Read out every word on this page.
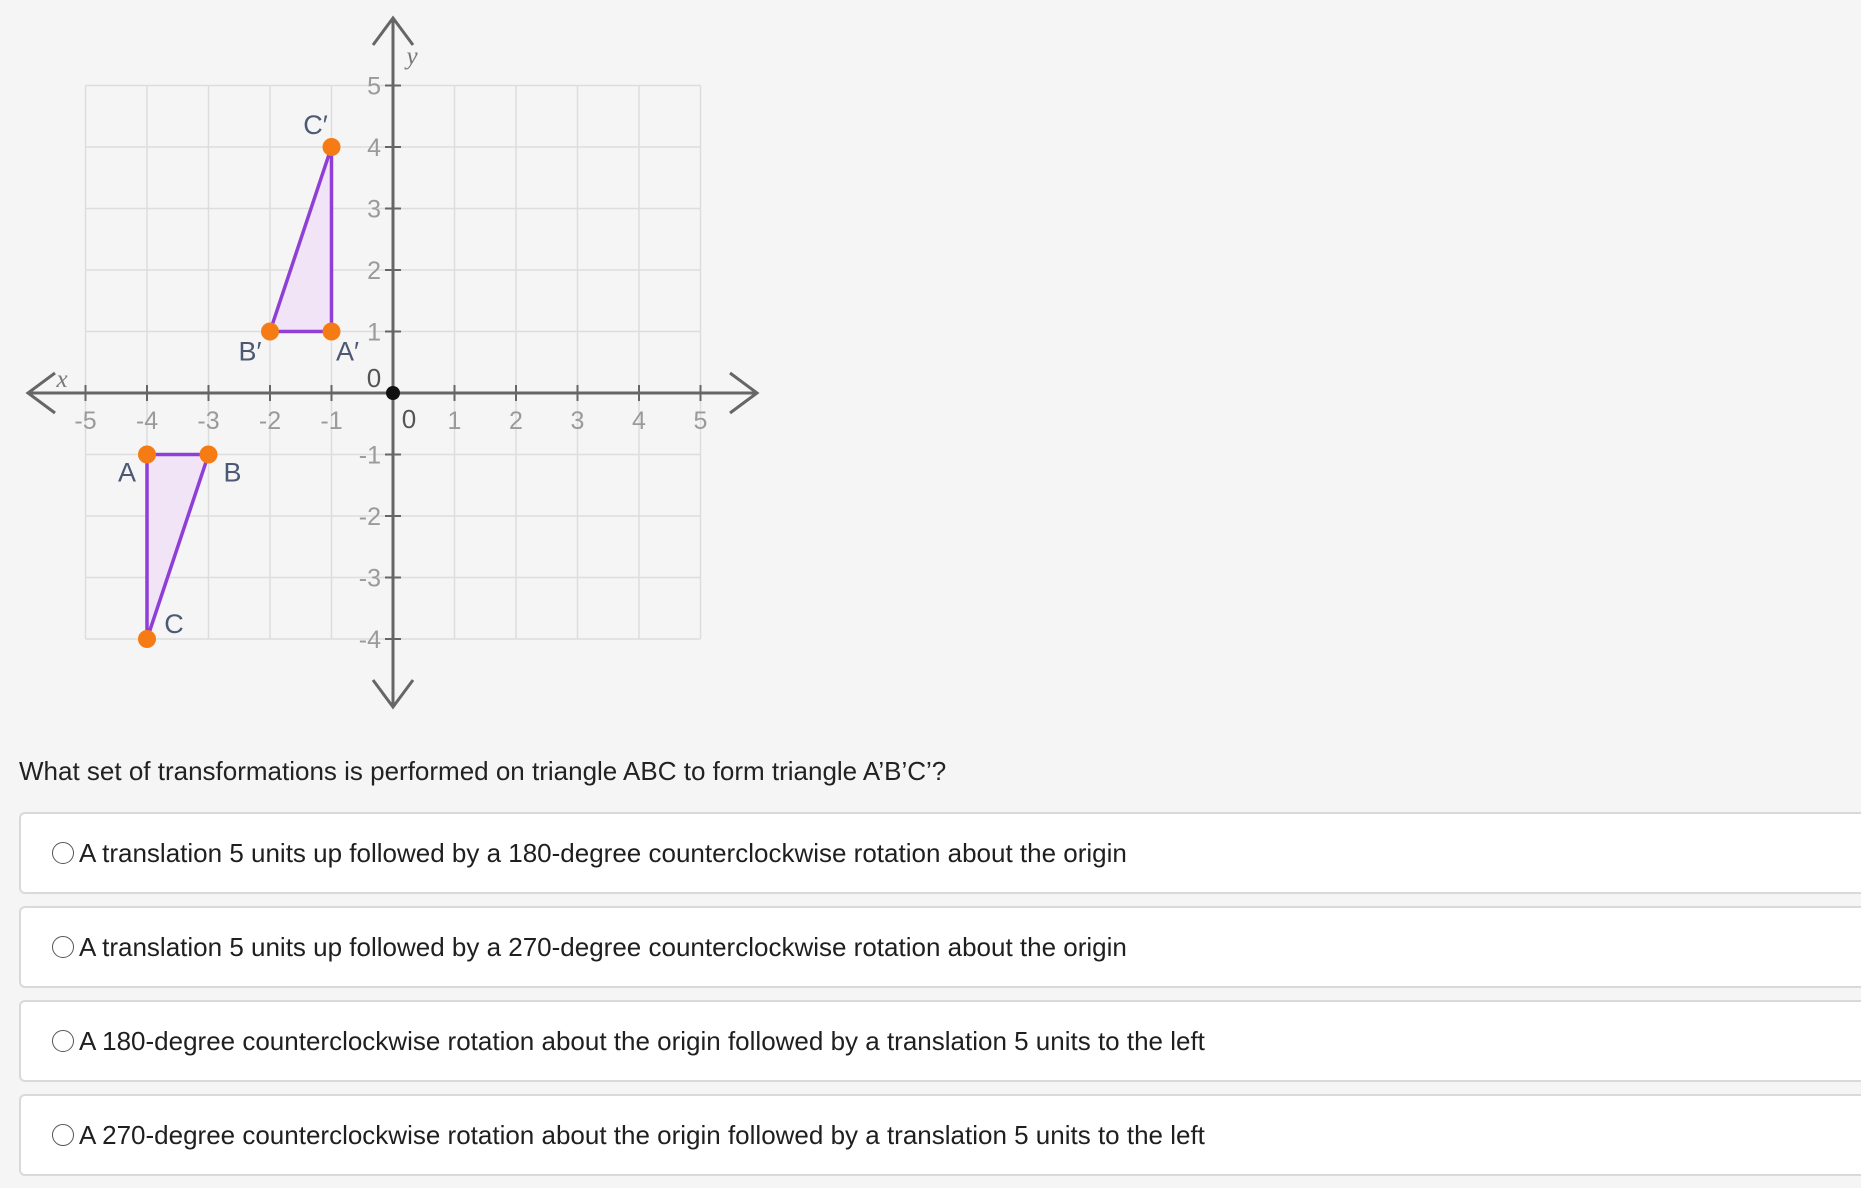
x
y
-5 -4 -3 -2 -1	1 2 3 4 5
5
4
3
2
1
-1
-2
-3
-4
0
0
A	B
C
A′
B′
C′

What set of transformations is performed on triangle ABC to form triangle A’B’C’?

A translation 5 units up followed by a 180-degree counterclockwise rotation about the origin
A translation 5 units up followed by a 270-degree counterclockwise rotation about the origin
A 180-degree counterclockwise rotation about the origin followed by a translation 5 units to the left
A 270-degree counterclockwise rotation about the origin followed by a translation 5 units to the left
